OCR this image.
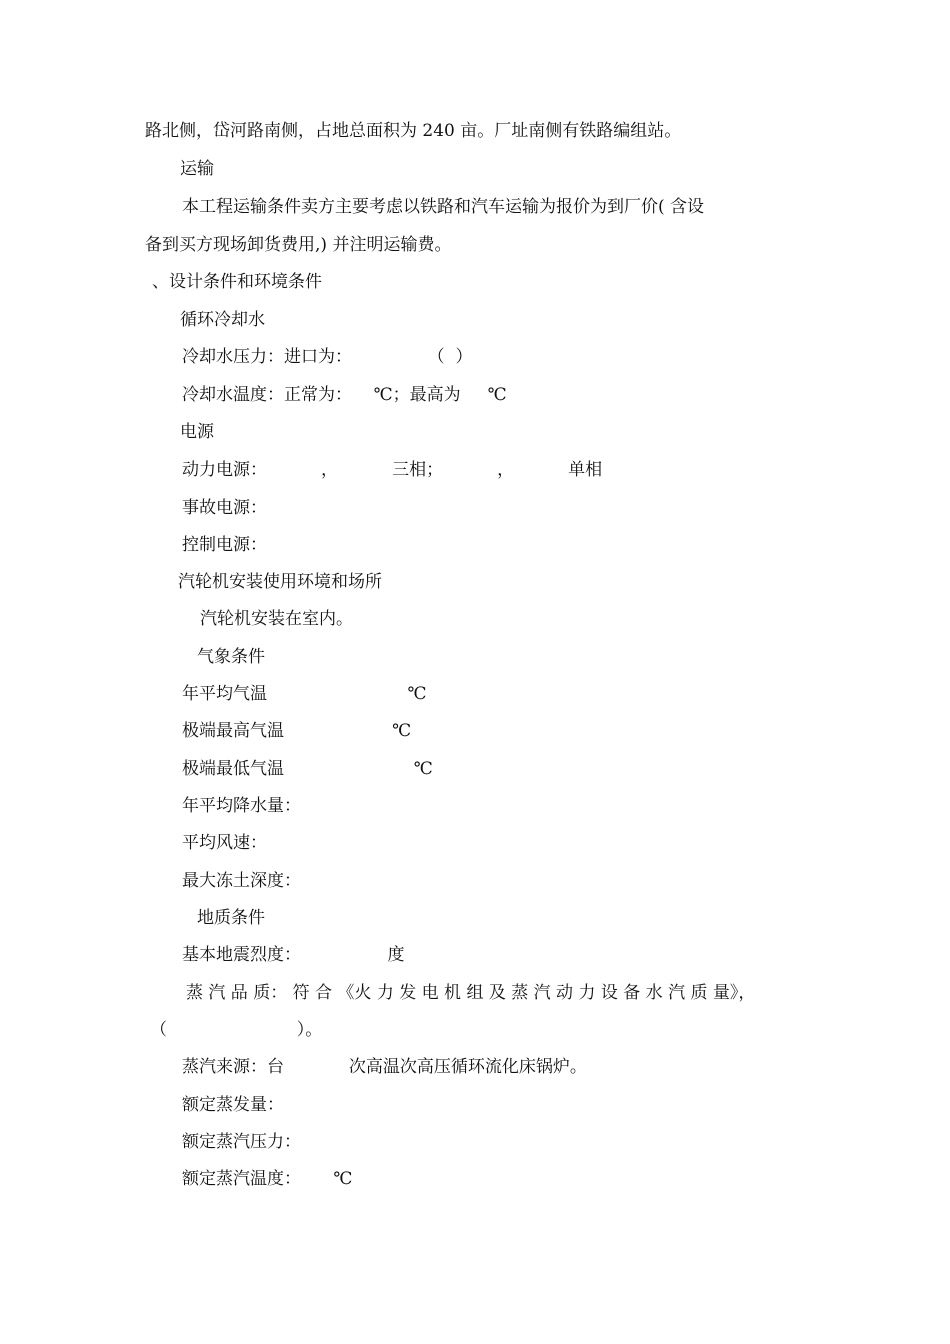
路北侧，岱河路南侧，占地总面积为 240 亩。厂址南侧有铁路编组站。
运输
本工程运输条件卖方主要考虑以铁路和汽车运输为报价为到厂价( 含设
备到买方现场卸货费用,) 并注明运输费。
、设计条件和环境条件
循环冷却水
冷却水压力：进口为：              （  ）
冷却水温度：正常为：    ℃；最高为     ℃
电源
动力电源：          ，          三相；          ，          单相
事故电源：
控制电源：
汽轮机安装使用环境和场所
汽轮机安装在室内。
气象条件
年平均气温                          ℃
极端最高气温                    ℃
极端最低气温                        ℃
年平均降水量：
平均风速：
最大冻土深度：
地质条件
基本地震烈度：                度
蒸 汽 品 质： 符 合 《火 力 发 电 机 组 及 蒸 汽 动 力 设 备 水 汽 质 量》，
（                        ）。
蒸汽来源：台            次高温次高压循环流化床锅炉。
额定蒸发量：
额定蒸汽压力：
额定蒸汽温度：      ℃
